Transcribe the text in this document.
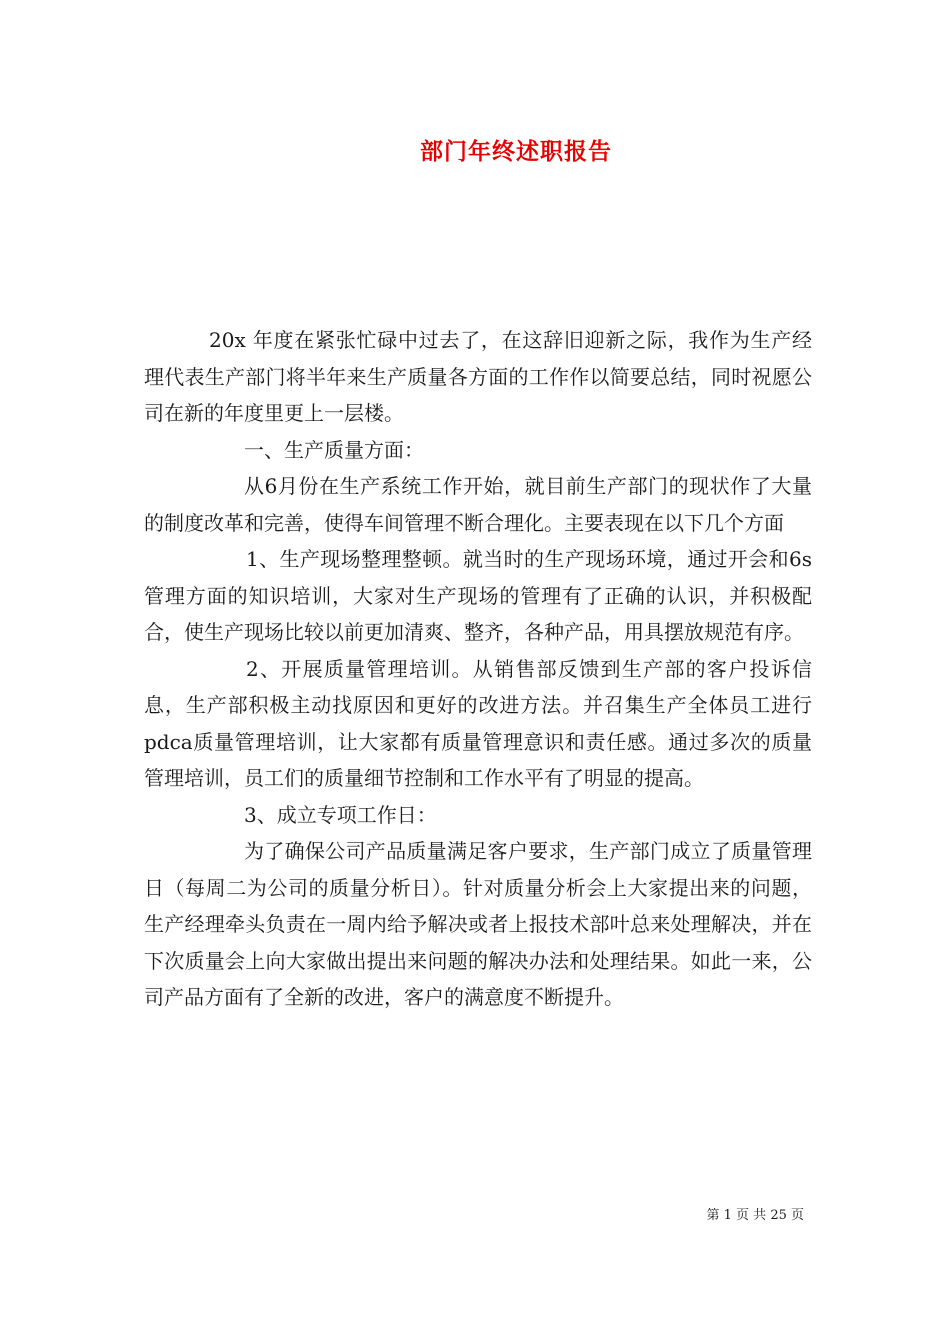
部门年终述职报告

20x 年度在紧张忙碌中过去了，在这辞旧迎新之际，我作为生产经理代表生产部门将半年来生产质量各方面的工作作以简要总结，同时祝愿公司在新的年度里更上一层楼。

一、生产质量方面：

从6月份在生产系统工作开始，就目前生产部门的现状作了大量的制度改革和完善，使得车间管理不断合理化。主要表现在以下几个方面

1、生产现场整理整顿。就当时的生产现场环境，通过开会和6s管理方面的知识培训，大家对生产现场的管理有了正确的认识，并积极配合，使生产现场比较以前更加清爽、整齐，各种产品，用具摆放规范有序。

2、开展质量管理培训。从销售部反馈到生产部的客户投诉信息，生产部积极主动找原因和更好的改进方法。并召集生产全体员工进行pdca质量管理培训，让大家都有质量管理意识和责任感。通过多次的质量管理培训，员工们的质量细节控制和工作水平有了明显的提高。

3、成立专项工作日：

为了确保公司产品质量满足客户要求，生产部门成立了质量管理日（每周二为公司的质量分析日）。针对质量分析会上大家提出来的问题，生产经理牵头负责在一周内给予解决或者上报技术部叶总来处理解决，并在下次质量会上向大家做出提出来问题的解决办法和处理结果。如此一来，公司产品方面有了全新的改进，客户的满意度不断提升。

第 1 页 共 25 页
